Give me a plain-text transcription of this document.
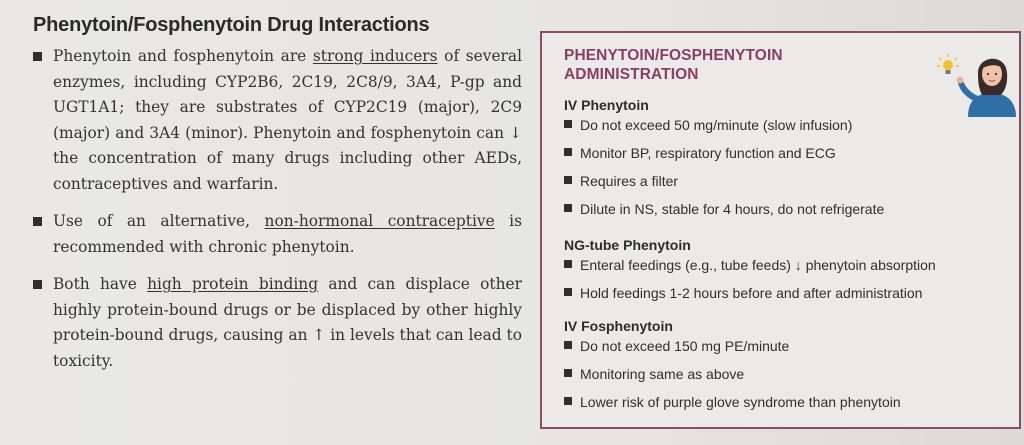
Phenytoin/Fosphenytoin Drug Interactions
Phenytoin and fosphenytoin are strong inducers of several enzymes, including CYP2B6, 2C19, 2C8/9, 3A4, P-gp and UGT1A1; they are substrates of CYP2C19 (major), 2C9 (major) and 3A4 (minor). Phenytoin and fosphenytoin can ↓ the concentration of many drugs including other AEDs, contraceptives and warfarin.
Use of an alternative, non-hormonal contraceptive is recommended with chronic phenytoin.
Both have high protein binding and can displace other highly protein-bound drugs or be displaced by other highly protein-bound drugs, causing an ↑ in levels that can lead to toxicity.
PHENYTOIN/FOSPHENYTOIN
ADMINISTRATION
IV Phenytoin
Do not exceed 50 mg/minute (slow infusion)
Monitor BP, respiratory function and ECG
Requires a filter
Dilute in NS, stable for 4 hours, do not refrigerate
NG-tube Phenytoin
Enteral feedings (e.g., tube feeds) ↓ phenytoin absorption
Hold feedings 1-2 hours before and after administration
IV Fosphenytoin
Do not exceed 150 mg PE/minute
Monitoring same as above
Lower risk of purple glove syndrome than phenytoin
